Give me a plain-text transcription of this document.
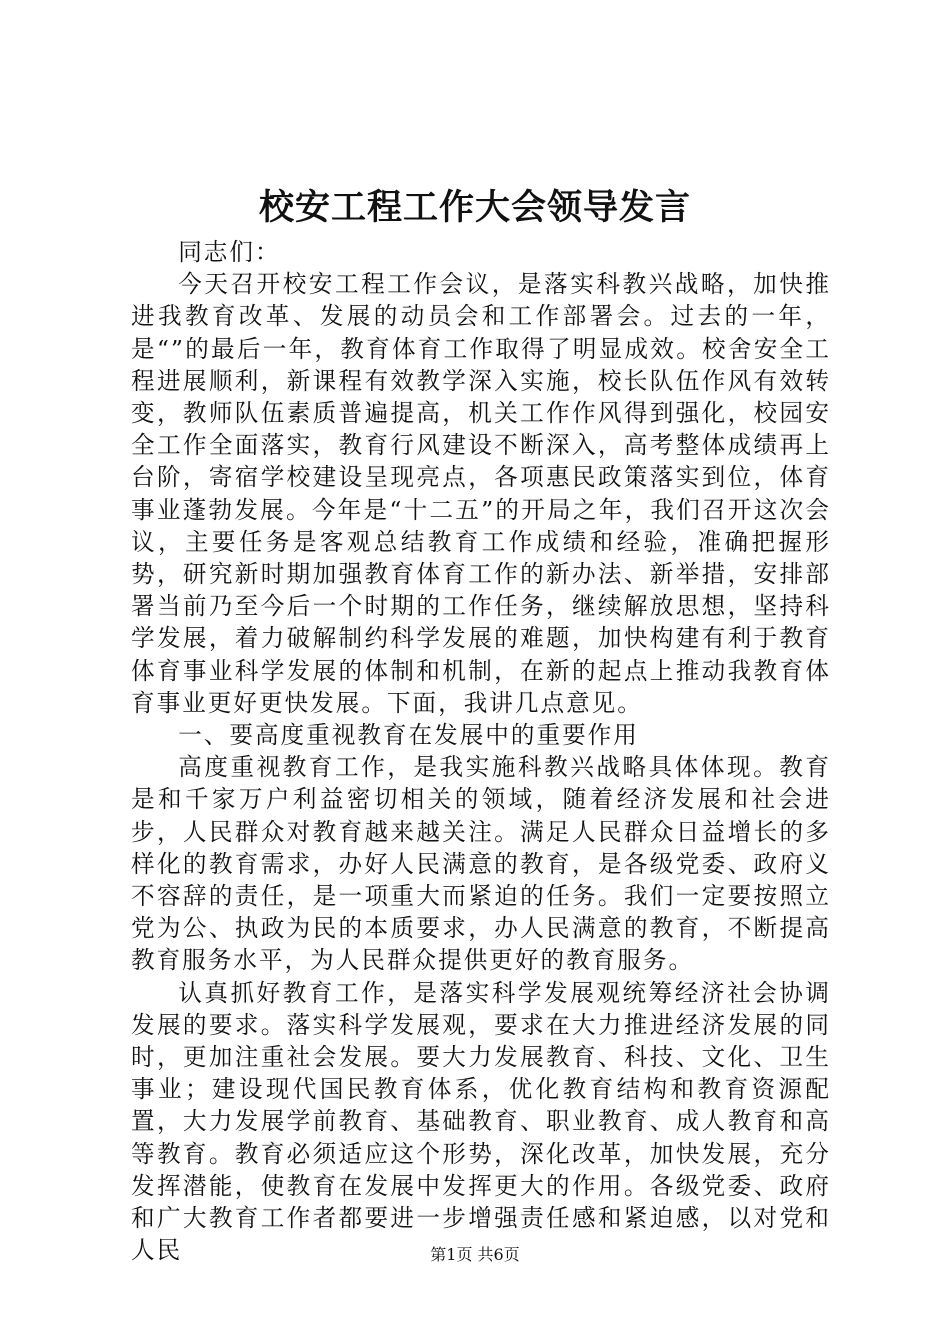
校安工程工作大会领导发言

同志们：

今天召开校安工程工作会议，是落实科教兴战略，加快推进我教育改革、发展的动员会和工作部署会。过去的一年，是“”的最后一年，教育体育工作取得了明显成效。校舍安全工程进展顺利，新课程有效教学深入实施，校长队伍作风有效转变，教师队伍素质普遍提高，机关工作作风得到强化，校园安全工作全面落实，教育行风建设不断深入，高考整体成绩再上台阶，寄宿学校建设呈现亮点，各项惠民政策落实到位，体育事业蓬勃发展。今年是“十二五”的开局之年，我们召开这次会议，主要任务是客观总结教育工作成绩和经验，准确把握形势，研究新时期加强教育体育工作的新办法、新举措，安排部署当前乃至今后一个时期的工作任务，继续解放思想，坚持科学发展，着力破解制约科学发展的难题，加快构建有利于教育体育事业科学发展的体制和机制，在新的起点上推动我教育体育事业更好更快发展。下面，我讲几点意见。

一、要高度重视教育在发展中的重要作用

高度重视教育工作，是我实施科教兴战略具体体现。教育是和千家万户利益密切相关的领域，随着经济发展和社会进步，人民群众对教育越来越关注。满足人民群众日益增长的多样化的教育需求，办好人民满意的教育，是各级党委、政府义不容辞的责任，是一项重大而紧迫的任务。我们一定要按照立党为公、执政为民的本质要求，办人民满意的教育，不断提高教育服务水平，为人民群众提供更好的教育服务。

认真抓好教育工作，是落实科学发展观统筹经济社会协调发展的要求。落实科学发展观，要求在大力推进经济发展的同时，更加注重社会发展。要大力发展教育、科技、文化、卫生事业；建设现代国民教育体系，优化教育结构和教育资源配置，大力发展学前教育、基础教育、职业教育、成人教育和高等教育。教育必须适应这个形势，深化改革，加快发展，充分发挥潜能，使教育在发展中发挥更大的作用。各级党委、政府和广大教育工作者都要进一步增强责任感和紧迫感，以对党和人民	第1页 共6页
